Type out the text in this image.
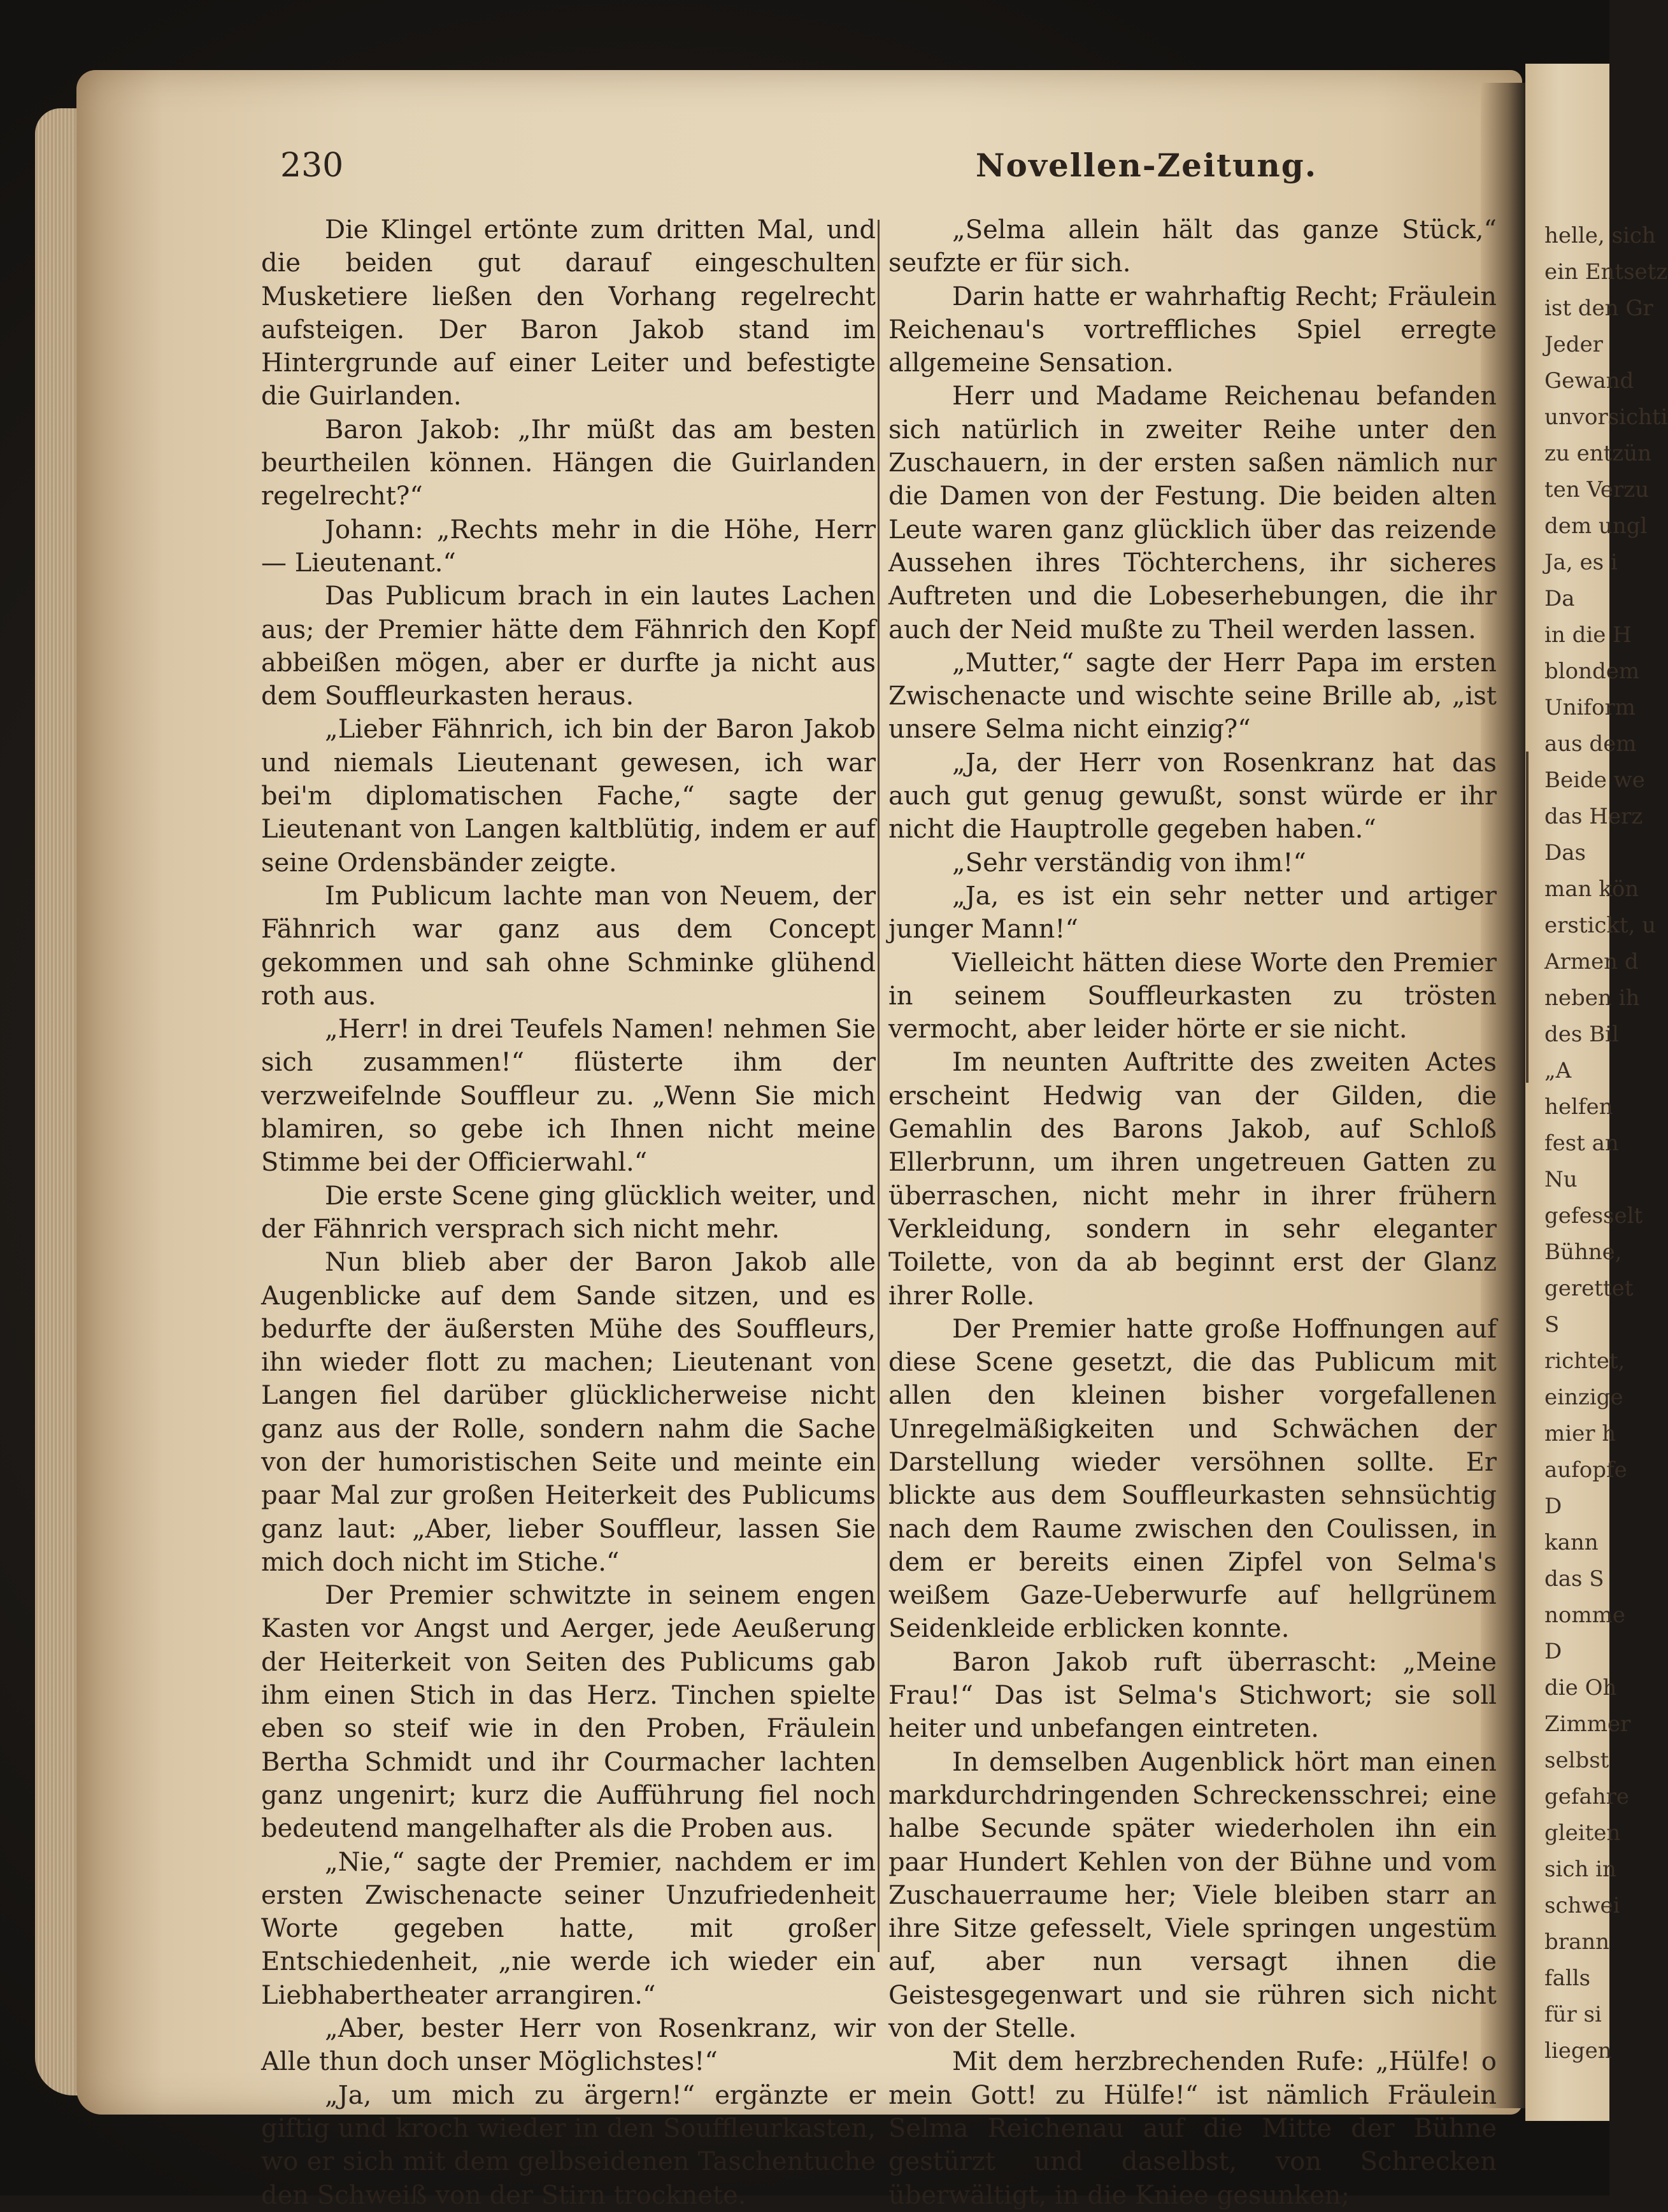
helle, sich
ein Entsetz
ist den Gr
Jeder
Gewand
unvorsichti
zu entzün
ten Verzu
dem ungl
Ja, es i
Da
in die H
blondem
Uniform
aus dem
Beide we
das Herz
Das
man kön
erstickt, u
Armen d
neben ih
des Bil
„A
helfen
fest an
Nu
gefesselt
Bühne,
gerettet
S
richtet,
einzige
mier h
aufopfe
D
kann
das S
nomme
D
die Oh
Zimmer
selbst
gefahre
gleiten
sich in
schwei
brann
falls
für si
liegen
230	Novellen-Zeitung.

Die Klingel ertönte zum dritten Mal, und die beiden gut darauf eingeschulten Musketiere ließen den Vorhang regelrecht aufsteigen. Der Baron Jakob stand im Hintergrunde auf einer Leiter und befestigte die Guirlanden.

Baron Jakob: „Ihr müßt das am besten beurtheilen können. Hängen die Guirlanden regelrecht?“

Johann: „Rechts mehr in die Höhe, Herr — Lieutenant.“

Das Publicum brach in ein lautes Lachen aus; der Premier hätte dem Fähnrich den Kopf abbeißen mögen, aber er durfte ja nicht aus dem Souffleurkasten heraus.

„Lieber Fähnrich, ich bin der Baron Jakob und niemals Lieutenant gewesen, ich war bei'm diplomatischen Fache,“ sagte der Lieutenant von Langen kaltblütig, indem er auf seine Ordensbänder zeigte.

Im Publicum lachte man von Neuem, der Fähnrich war ganz aus dem Concept gekommen und sah ohne Schminke glühend roth aus.

„Herr! in drei Teufels Namen! nehmen Sie sich zusammen!“ flüsterte ihm der verzweifelnde Souffleur zu. „Wenn Sie mich blamiren, so gebe ich Ihnen nicht meine Stimme bei der Officierwahl.“

Die erste Scene ging glücklich weiter, und der Fähnrich versprach sich nicht mehr.

Nun blieb aber der Baron Jakob alle Augenblicke auf dem Sande sitzen, und es bedurfte der äußersten Mühe des Souffleurs, ihn wieder flott zu machen; Lieutenant von Langen fiel darüber glücklicherweise nicht ganz aus der Rolle, sondern nahm die Sache von der humoristischen Seite und meinte ein paar Mal zur großen Heiterkeit des Publicums ganz laut: „Aber, lieber Souffleur, lassen Sie mich doch nicht im Stiche.“

Der Premier schwitzte in seinem engen Kasten vor Angst und Aerger, jede Aeußerung der Heiterkeit von Seiten des Publicums gab ihm einen Stich in das Herz. Tinchen spielte eben so steif wie in den Proben, Fräulein Bertha Schmidt und ihr Courmacher lachten ganz ungenirt; kurz die Aufführung fiel noch bedeutend mangelhafter als die Proben aus.

„Nie,“ sagte der Premier, nachdem er im ersten Zwischenacte seiner Unzufriedenheit Worte gegeben hatte, mit großer Entschiedenheit, „nie werde ich wieder ein Liebhabertheater arrangiren.“

„Aber, bester Herr von Rosenkranz, wir Alle thun doch unser Möglichstes!“

„Ja, um mich zu ärgern!“ ergänzte er giftig und kroch wieder in den Souffleurkasten, wo er sich mit dem gelbseidenen Taschentuche den Schweiß von der Stirn trocknete.

„Selma allein hält das ganze Stück,“ seufzte er für sich.

Darin hatte er wahrhaftig Recht; Fräulein Reichenau's vortreffliches Spiel erregte allgemeine Sensation.

Herr und Madame Reichenau befanden sich natürlich in zweiter Reihe unter den Zuschauern, in der ersten saßen nämlich nur die Damen von der Festung. Die beiden alten Leute waren ganz glücklich über das reizende Aussehen ihres Töchterchens, ihr sicheres Auftreten und die Lobeserhebungen, die ihr auch der Neid mußte zu Theil werden lassen.

„Mutter,“ sagte der Herr Papa im ersten Zwischenacte und wischte seine Brille ab, „ist unsere Selma nicht einzig?“

„Ja, der Herr von Rosenkranz hat das auch gut genug gewußt, sonst würde er ihr nicht die Hauptrolle gegeben haben.“

„Sehr verständig von ihm!“

„Ja, es ist ein sehr netter und artiger junger Mann!“

Vielleicht hätten diese Worte den Premier in seinem Souffleurkasten zu trösten vermocht, aber leider hörte er sie nicht.

Im neunten Auftritte des zweiten Actes erscheint Hedwig van der Gilden, die Gemahlin des Barons Jakob, auf Schloß Ellerbrunn, um ihren ungetreuen Gatten zu überraschen, nicht mehr in ihrer frühern Verkleidung, sondern in sehr eleganter Toilette, von da ab beginnt erst der Glanz ihrer Rolle.

Der Premier hatte große Hoffnungen auf diese Scene gesetzt, die das Publicum mit allen den kleinen bisher vorgefallenen Unregelmäßigkeiten und Schwächen der Darstellung wieder versöhnen sollte. Er blickte aus dem Souffleurkasten sehnsüchtig nach dem Raume zwischen den Coulissen, in dem er bereits einen Zipfel von Selma's weißem Gaze-Ueberwurfe auf hellgrünem Seidenkleide erblicken konnte.

Baron Jakob ruft überrascht: „Meine Frau!“ Das ist Selma's Stichwort; sie soll heiter und unbefangen eintreten.

In demselben Augenblick hört man einen markdurchdringenden Schreckensschrei; eine halbe Secunde später wiederholen ihn ein paar Hundert Kehlen von der Bühne und vom Zuschauerraume her; Viele bleiben starr an ihre Sitze gefesselt, Viele springen ungestüm auf, aber nun versagt ihnen die Geistesgegenwart und sie rühren sich nicht von der Stelle.

Mit dem herzbrechenden Rufe: „Hülfe! o mein Gott! zu Hülfe!“ ist nämlich Fräulein Selma Reichenau auf die Mitte der Bühne gestürzt und daselbst, von Schrecken überwältigt, in die Kniee gesunken;
